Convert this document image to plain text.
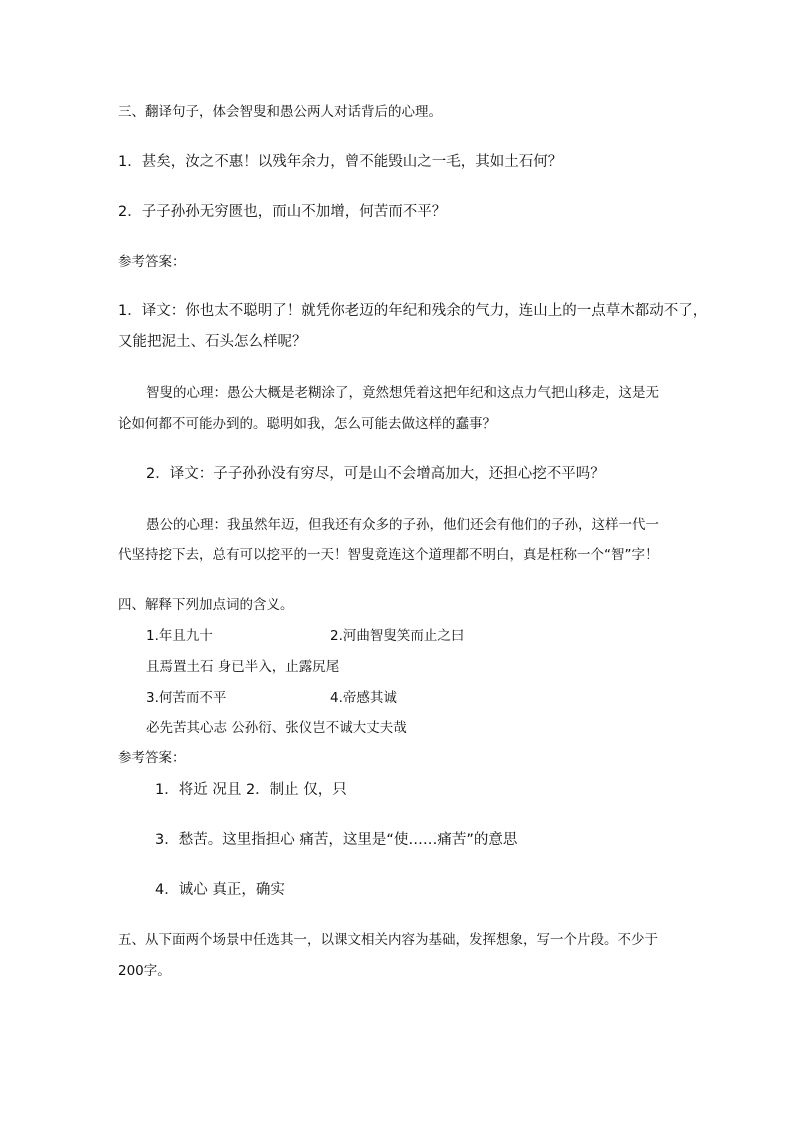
三、翻译句子，体会智叟和愚公两人对话背后的心理。
1．甚矣，汝之不惠！以残年余力，曾不能毁山之一毛，其如土石何？
2．子子孙孙无穷匮也，而山不加增，何苦而不平？
参考答案：
1．译文：你也太不聪明了！就凭你老迈的年纪和残余的气力，连山上的一点草木都动不了，
又能把泥土、石头怎么样呢？
智叟的心理：愚公大概是老糊涂了，竟然想凭着这把年纪和这点力气把山移走，这是无
论如何都不可能办到的。聪明如我，怎么可能去做这样的蠢事？
2．译文：子子孙孙没有穷尽，可是山不会增高加大，还担心挖不平吗？
愚公的心理：我虽然年迈，但我还有众多的子孙，他们还会有他们的子孙，这样一代一
代坚持挖下去，总有可以挖平的一天！智叟竟连这个道理都不明白，真是枉称一个“智”字！
四、解释下列加点词的含义。
1.年且九十	2.河曲智叟笑而止之曰
且焉置土石 身已半入，止露尻尾
3.何苦而不平	4.帝感其诚
必先苦其心志 公孙衍、张仪岂不诚大丈夫哉
参考答案：
1．将近 况且 2．制止 仅，只
3．愁苦。这里指担心 痛苦，这里是“使……痛苦”的意思
4．诚心 真正，确实
五、从下面两个场景中任选其一，以课文相关内容为基础，发挥想象，写一个片段。不少于
200字。
